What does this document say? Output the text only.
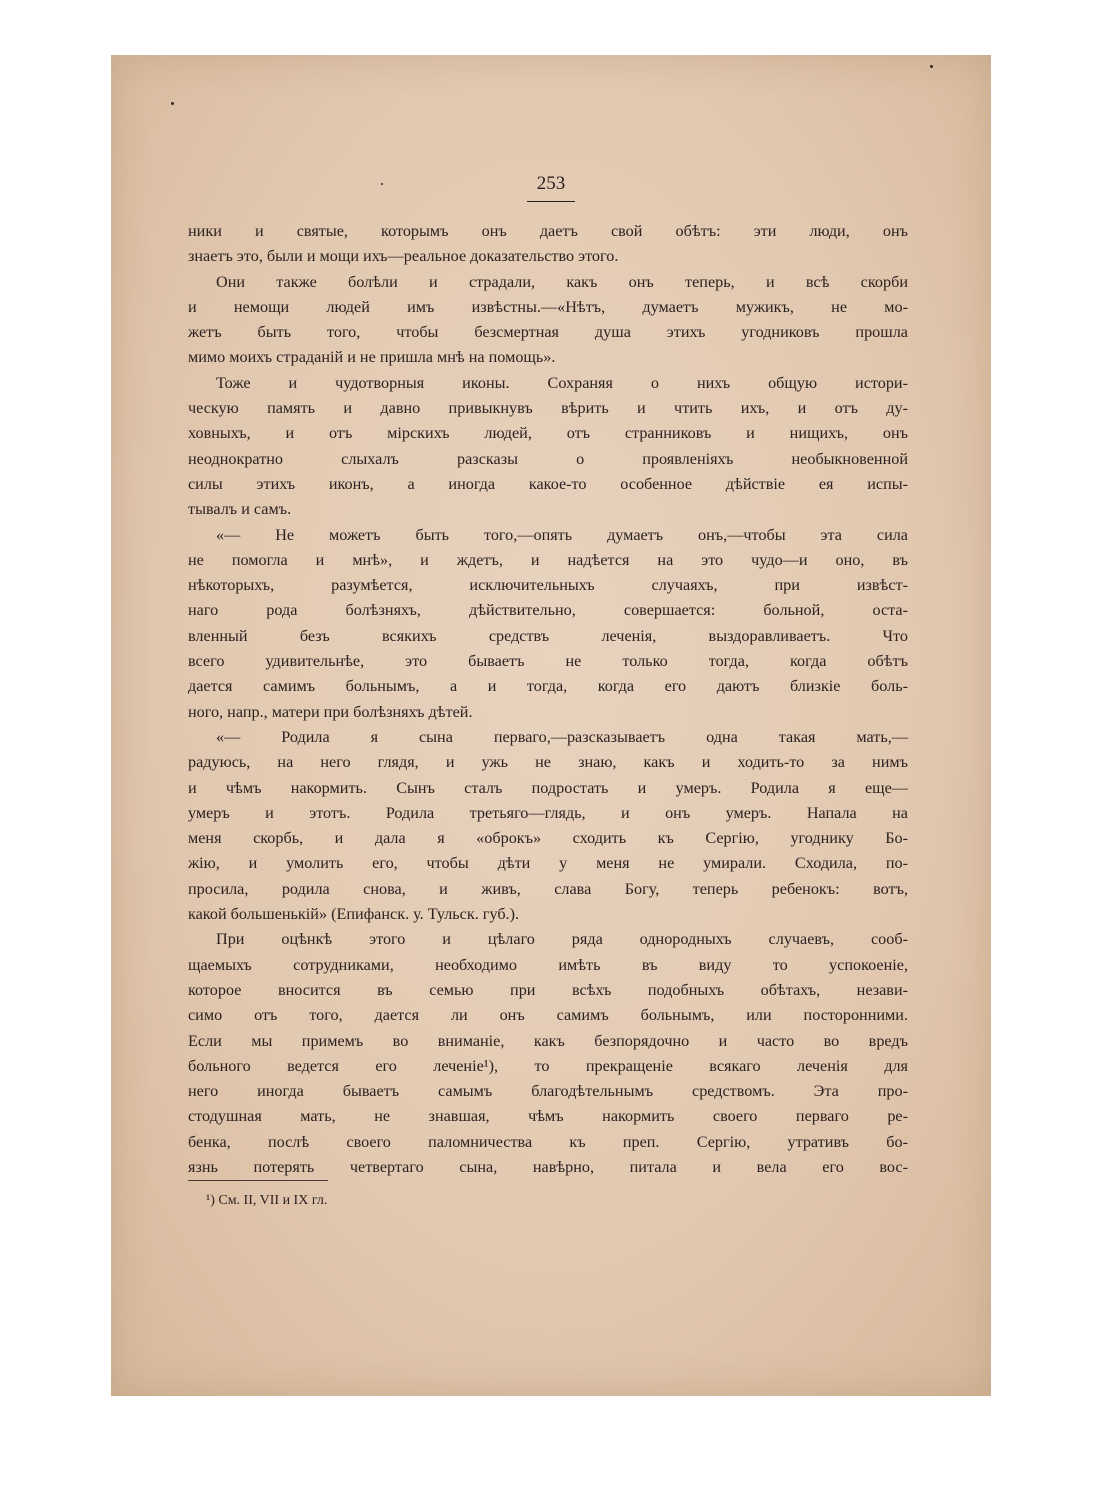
253
ники и святые, которымъ онъ даетъ свой обѣтъ: эти люди, онъ
знаетъ это, были и мощи ихъ—реальное доказательство этого.
Они также болѣли и страдали, какъ онъ теперь, и всѣ скорби
и немощи людей имъ извѣстны.—«Нѣтъ, думаетъ мужикъ, не мо-
жетъ быть того, чтобы безсмертная душа этихъ угодниковъ прошла
мимо моихъ страданій и не пришла мнѣ на помощь».
Тоже и чудотворныя иконы. Сохраняя о нихъ общую истори-
ческую память и давно привыкнувъ вѣрить и чтить ихъ, и отъ ду-
ховныхъ, и отъ мірскихъ людей, отъ странниковъ и нищихъ, онъ
неоднократно слыхалъ разсказы о проявленіяхъ необыкновенной
силы этихъ иконъ, а иногда какое-то особенное дѣйствіе ея испы-
тывалъ и самъ.
«— Не можетъ быть того,—опять думаетъ онъ,—чтобы эта сила
не помогла и мнѣ», и ждетъ, и надѣется на это чудо—и оно, въ
нѣкоторыхъ, разумѣется, исключительныхъ случаяхъ, при извѣст-
наго рода болѣзняхъ, дѣйствительно, совершается: больной, оста-
вленный безъ всякихъ средствъ леченія, выздоравливаетъ. Что
всего удивительнѣе, это бываетъ не только тогда, когда обѣтъ
дается самимъ больнымъ, а и тогда, когда его даютъ близкіе боль-
ного, напр., матери при болѣзняхъ дѣтей.
«— Родила я сына перваго,—разсказываетъ одна такая мать,—
радуюсь, на него глядя, и ужь не знаю, какъ и ходить-то за нимъ
и чѣмъ накормить. Сынъ сталъ подростать и умеръ. Родила я еще—
умеръ и этотъ. Родила третьяго—глядь, и онъ умеръ. Напала на
меня скорбь, и дала я «оброкъ» сходить къ Сергію, угоднику Бо-
жію, и умолить его, чтобы дѣти у меня не умирали. Сходила, по-
просила, родила снова, и живъ, слава Богу, теперь ребенокъ: вотъ,
какой большенькій» (Епифанск. у. Тульск. губ.).
При оцѣнкѣ этого и цѣлаго ряда однородныхъ случаевъ, сооб-
щаемыхъ сотрудниками, необходимо имѣть въ виду то успокоеніе,
которое вносится въ семью при всѣхъ подобныхъ обѣтахъ, незави-
симо отъ того, дается ли онъ самимъ больнымъ, или посторонними.
Если мы примемъ во вниманіе, какъ безпорядочно и часто во вредъ
больного ведется его леченіе¹), то прекращеніе всякаго леченія для
него иногда бываетъ самымъ благодѣтельнымъ средствомъ. Эта про-
стодушная мать, не знавшая, чѣмъ накормить своего перваго ре-
бенка, послѣ своего паломничества къ преп. Сергію, утративъ бо-
язнь потерять четвертаго сына, навѣрно, питала и вела его вос-
¹) См. II, VII и IX гл.
